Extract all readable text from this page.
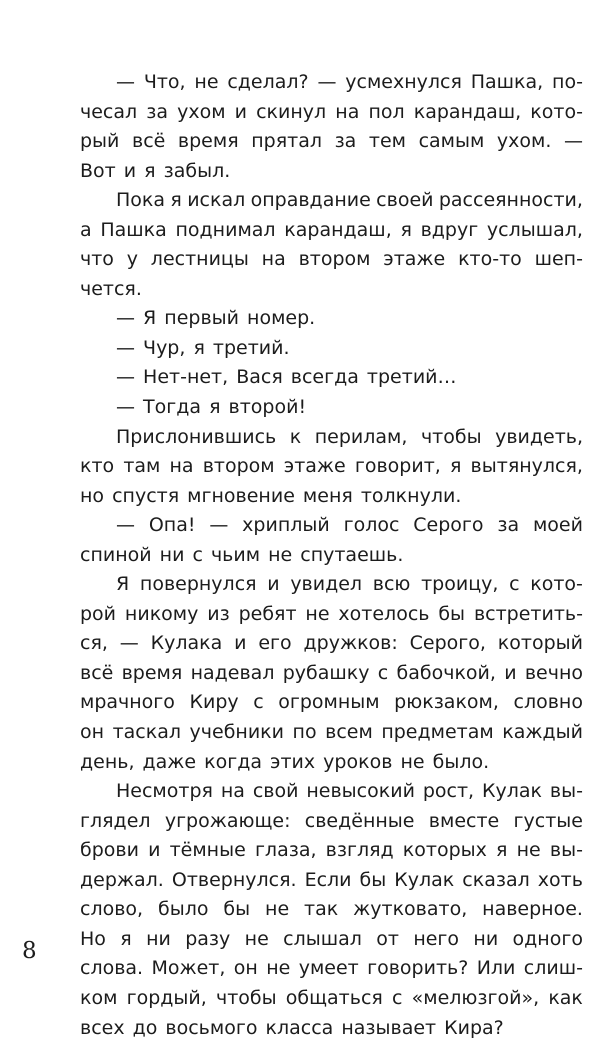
— Что, не сделал? — усмехнулся Пашка, по-
чесал за ухом и скинул на пол карандаш, кото-
рый всё время прятал за тем самым ухом. —
Вот и я забыл.
Пока я искал оправдание своей рассеянности,
а Пашка поднимал карандаш, я вдруг услышал,
что у лестницы на втором этаже кто-то шеп-
чется.
— Я первый номер.
— Чур, я третий.
— Нет-нет, Вася всегда третий…
— Тогда я второй!
Прислонившись к перилам, чтобы увидеть,
кто там на втором этаже говорит, я вытянулся,
но спустя мгновение меня толкнули.
— Опа! — хриплый голос Серого за моей
спиной ни с чьим не спутаешь.
Я повернулся и увидел всю троицу, с кото-
рой никому из ребят не хотелось бы встретить-
ся, — Кулака и его дружков: Серого, который
всё время надевал рубашку с бабочкой, и вечно
мрачного Киру с огромным рюкзаком, словно
он таскал учебники по всем предметам каждый
день, даже когда этих уроков не было.
Несмотря на свой невысокий рост, Кулак вы-
глядел угрожающе: сведённые вместе густые
брови и тёмные глаза, взгляд которых я не вы-
держал. Отвернулся. Если бы Кулак сказал хоть
слово, было бы не так жутковато, наверное.
Но я ни разу не слышал от него ни одного
слова. Может, он не умеет говорить? Или слиш-
ком гордый, чтобы общаться с «мелюзгой», как
всех до восьмого класса называет Кира?
8
